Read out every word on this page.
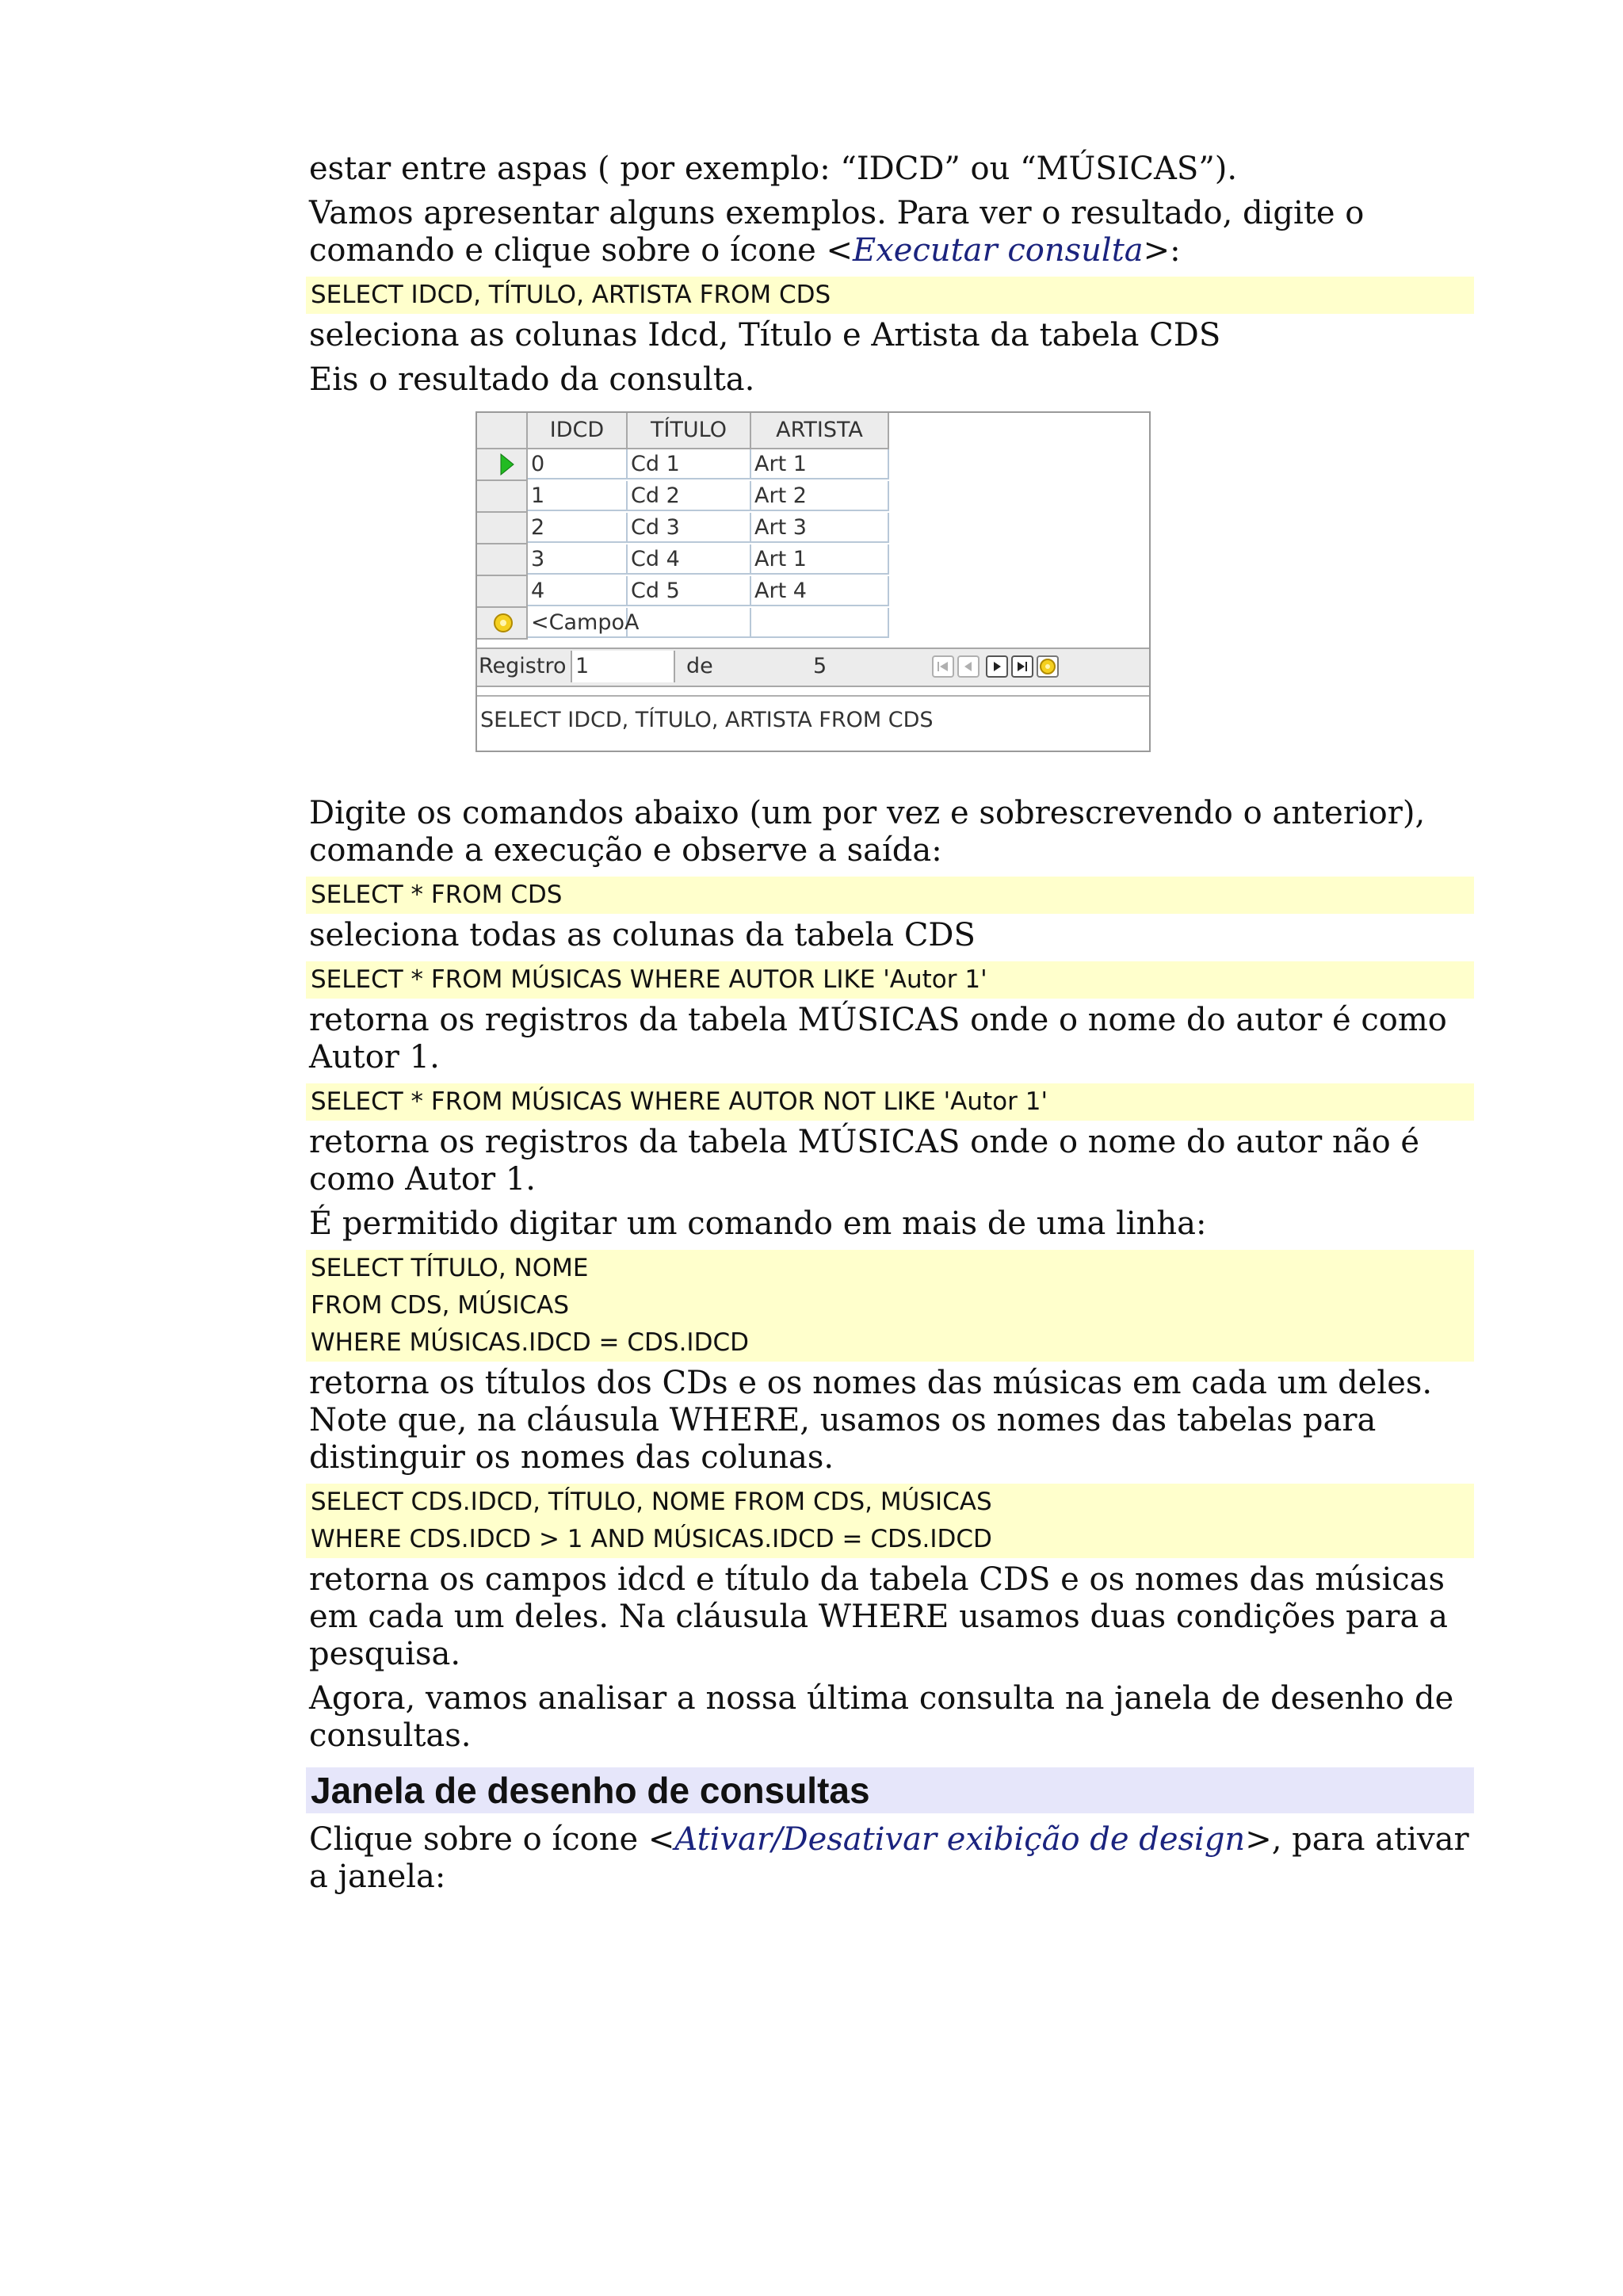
estar entre aspas ( por exemplo: “IDCD” ou “MÚSICAS”).

Vamos apresentar alguns exemplos. Para ver o resultado, digite o comando e clique sobre o ícone <Executar consulta>:

SELECT IDCD, TÍTULO, ARTISTA FROM CDS

seleciona as colunas Idcd, Título e Artista da tabela CDS

Eis o resultado da consulta.

IDCD	TÍTULO	ARTISTA
0	Cd 1	Art 1
1	Cd 2	Art 2
2	Cd 3	Art 3
3	Cd 4	Art 1
4	Cd 5	Art 4
<CampoA
Registro 1	de	5
SELECT IDCD, TÍTULO, ARTISTA FROM CDS

Digite os comandos abaixo (um por vez e sobrescrevendo o anterior), comande a execução e observe a saída:

SELECT * FROM CDS

seleciona todas as colunas da tabela CDS

SELECT * FROM MÚSICAS WHERE AUTOR LIKE 'Autor 1'

retorna os registros da tabela MÚSICAS onde o nome do autor é como Autor 1.

SELECT * FROM MÚSICAS WHERE AUTOR NOT LIKE 'Autor 1'

retorna os registros da tabela MÚSICAS onde o nome do autor não é como Autor 1.

É permitido digitar um comando em mais de uma linha:

SELECT TÍTULO, NOME
FROM CDS, MÚSICAS
WHERE MÚSICAS.IDCD = CDS.IDCD

retorna os títulos dos CDs e os nomes das músicas em cada um deles. Note que, na cláusula WHERE, usamos os nomes das tabelas para distinguir os nomes das colunas.

SELECT CDS.IDCD, TÍTULO, NOME FROM CDS, MÚSICAS
WHERE CDS.IDCD > 1 AND MÚSICAS.IDCD = CDS.IDCD

retorna os campos idcd e título da tabela CDS e os nomes das músicas em cada um deles. Na cláusula WHERE usamos duas condições para a pesquisa.

Agora, vamos analisar a nossa última consulta na janela de desenho de consultas.

Janela de desenho de consultas

Clique sobre o ícone <Ativar/Desativar exibição de design>, para ativar a janela:
